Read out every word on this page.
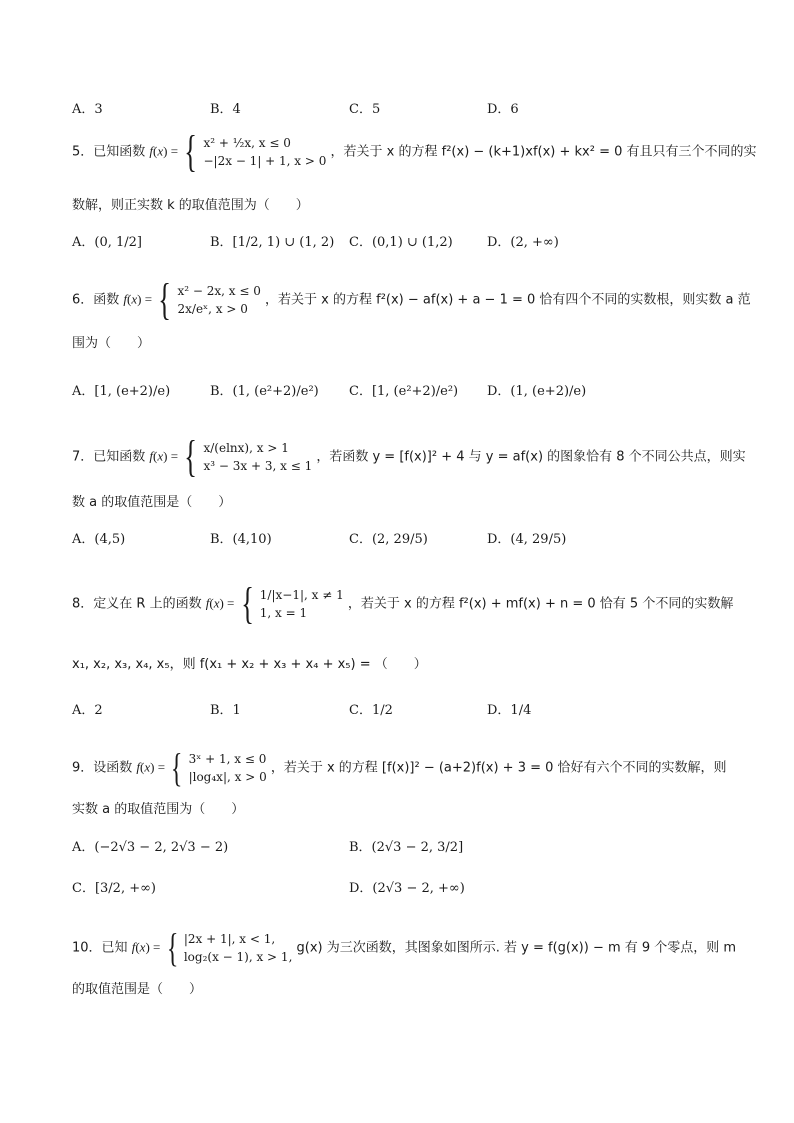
A．3	B．4	C．5	D．6
5．已知函数 f(x) = { x² + ½x, x ≤ 0
−|2x − 1| + 1, x > 0
，若关于 x 的方程 f²(x) − (k+1)xf(x) + kx² = 0 有且只有三个不同的实
数解，则正实数 k 的取值范围为（　　）
A．(0, 1/2]	B．[1/2, 1) ∪ (1, 2) C．(0,1) ∪ (1,2)	D．(2, +∞)
6．函数 f(x) = { x² − 2x, x ≤ 0
2x/eˣ, x > 0
，若关于 x 的方程 f²(x) − af(x) + a − 1 = 0 恰有四个不同的实数根，则实数 a 范
围为（　　）
A．[1, (e+2)/e)	B．(1, (e²+2)/e²) C．[1, (e²+2)/e²) D．(1, (e+2)/e)
7．已知函数 f(x) = { x/(elnx), x > 1
x³ − 3x + 3, x ≤ 1
，若函数 y = [f(x)]² + 4 与 y = af(x) 的图象恰有 8 个不同公共点，则实
数 a 的取值范围是（　　）
A．(4,5)	B．(4,10)	C．(2, 29/5)	D．(4, 29/5)
8．定义在 R 上的函数 f(x) = { 1/|x−1|, x ≠ 1
1, x = 1
，若关于 x 的方程 f²(x) + mf(x) + n = 0 恰有 5 个不同的实数解
x₁, x₂, x₃, x₄, x₅，则 f(x₁ + x₂ + x₃ + x₄ + x₅) = （　　）
A．2	B．1	C．1/2	D．1/4
9．设函数 f(x) = { 3ˣ + 1, x ≤ 0
|log₄x|, x > 0
，若关于 x 的方程 [f(x)]² − (a+2)f(x) + 3 = 0 恰好有六个不同的实数解，则
实数 a 的取值范围为（　　）
A．(−2√3 − 2, 2√3 − 2)	B．(2√3 − 2, 3/2]
C．[3/2, +∞)	D．(2√3 − 2, +∞)
10．已知 f(x) = { |2x + 1|, x < 1,
log₂(x − 1), x > 1,
g(x) 为三次函数，其图象如图所示. 若 y = f(g(x)) − m 有 9 个零点，则 m
的取值范围是（　　）
